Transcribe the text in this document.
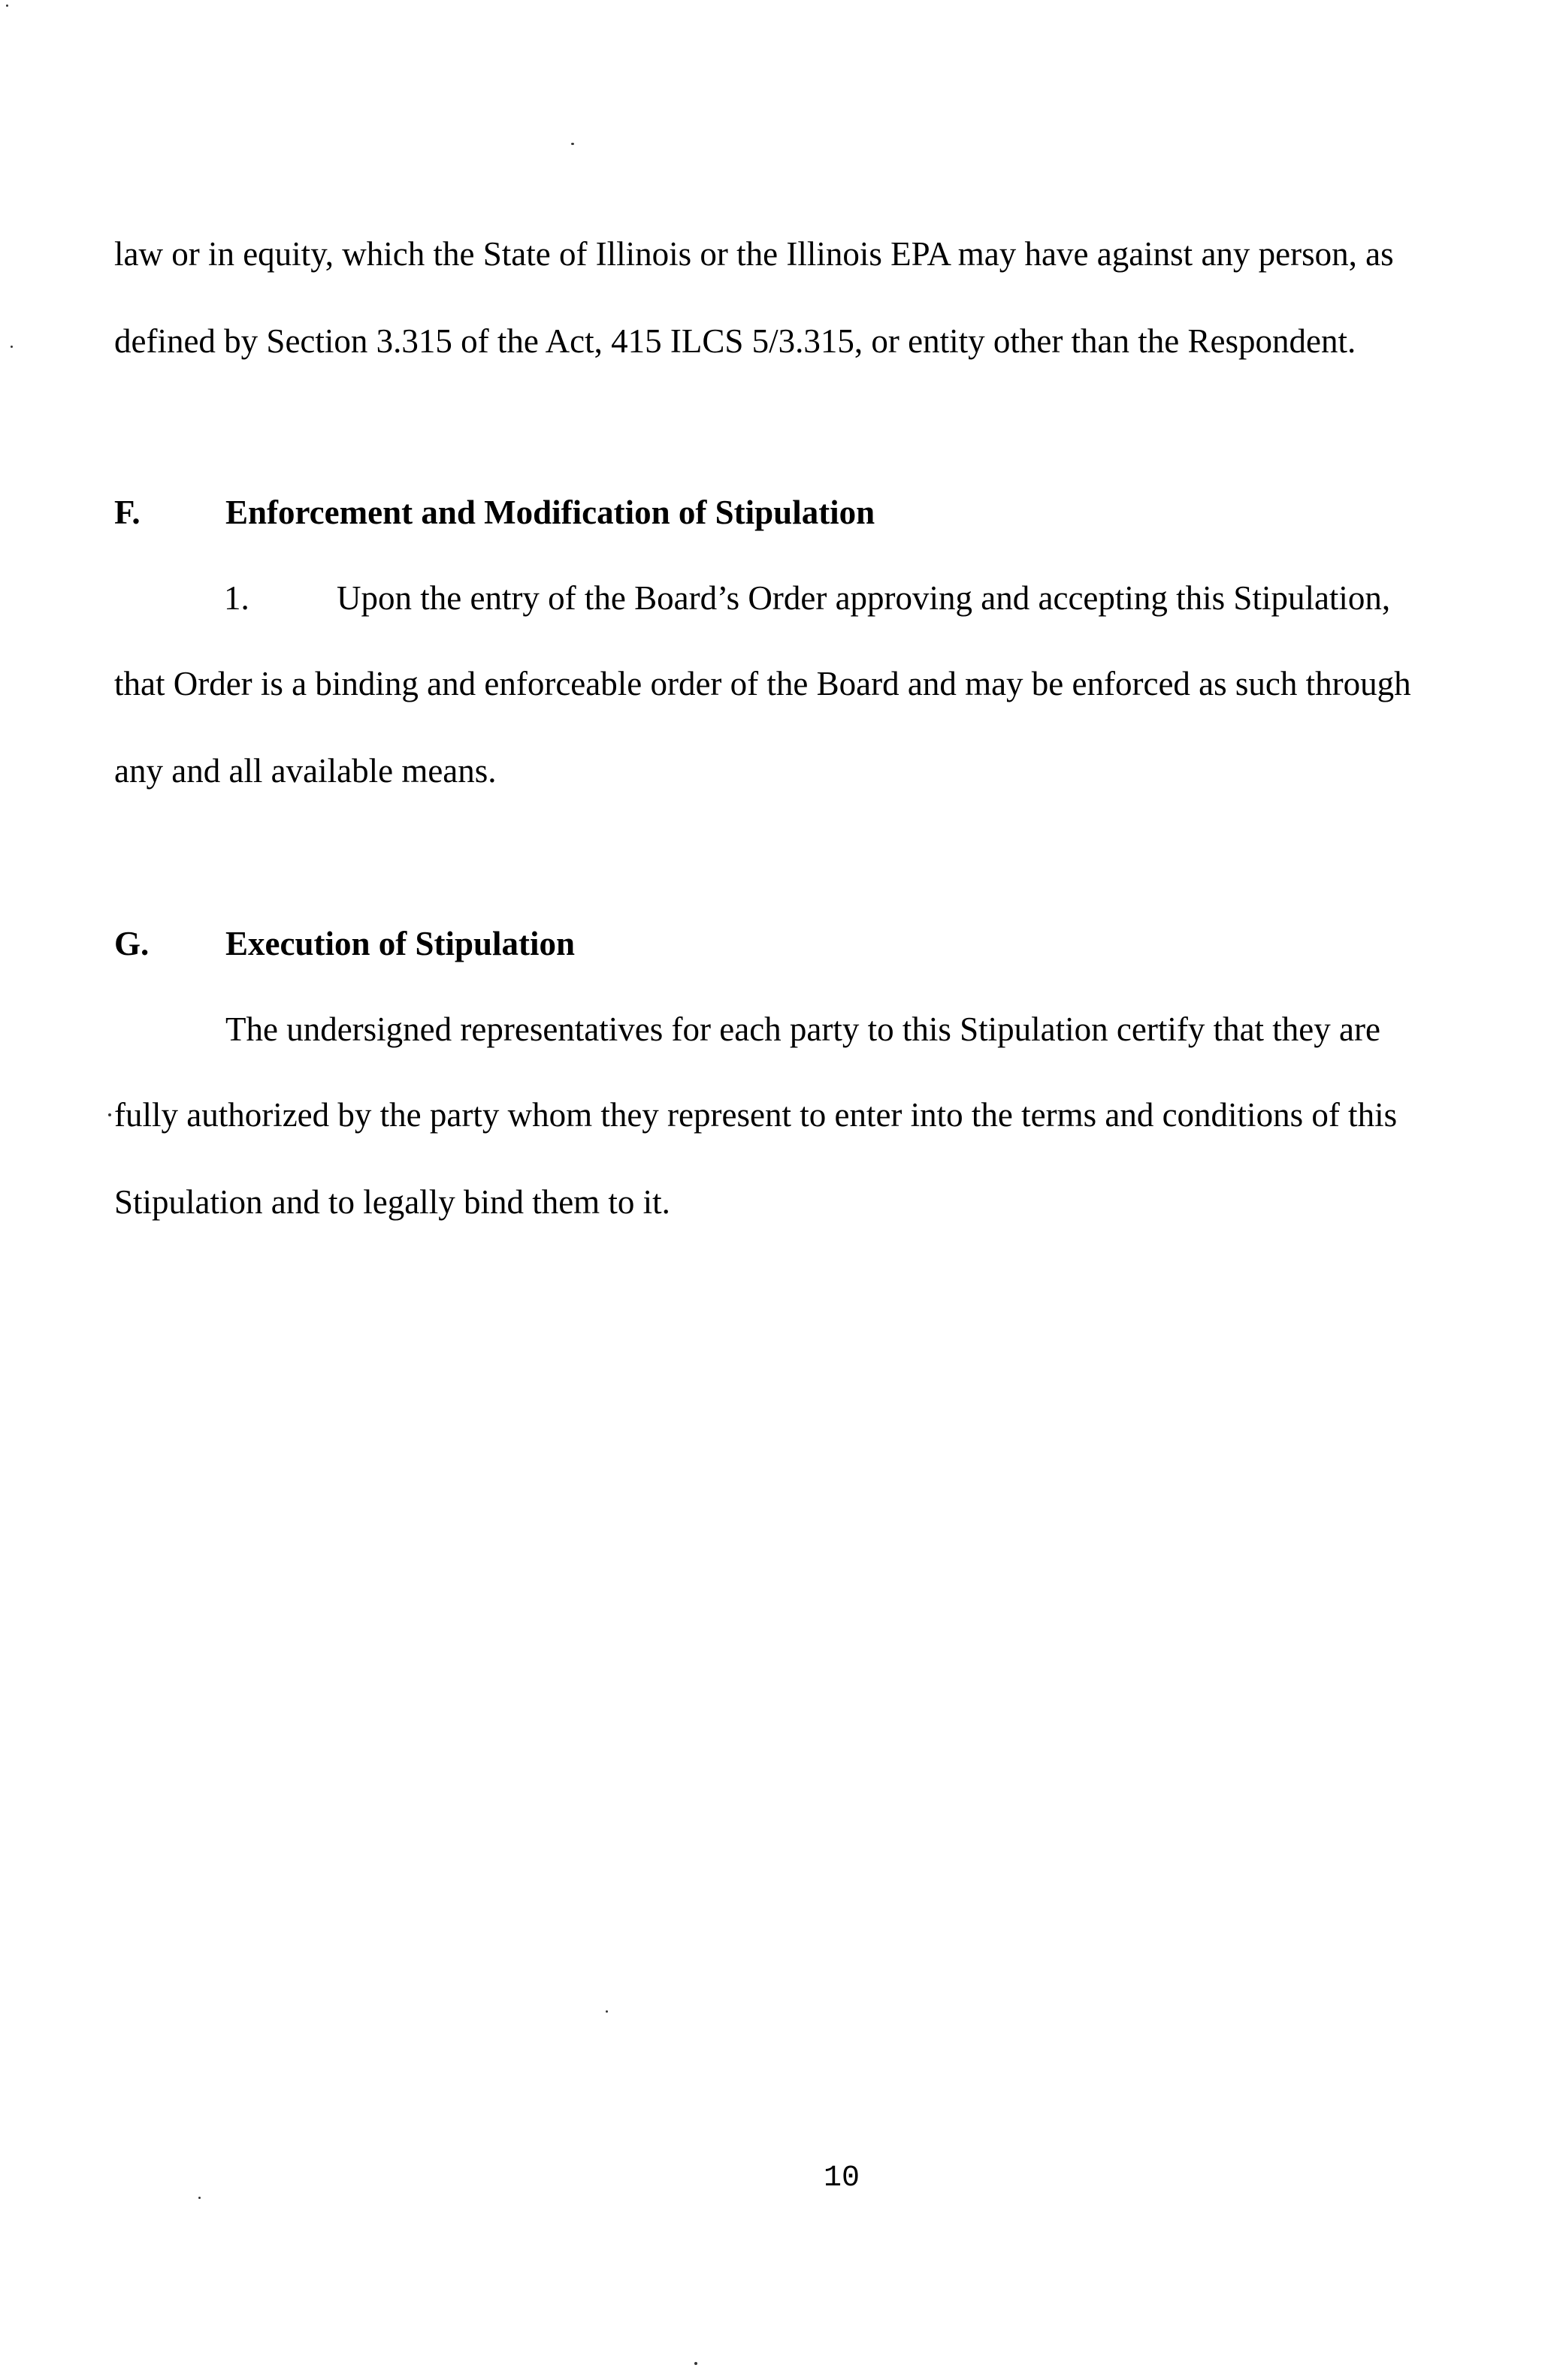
law or in equity, which the State of Illinois or the Illinois EPA may have against any person, as
defined by Section 3.315 of the Act, 415 ILCS 5/3.315, or entity other than the Respondent.
F.	Enforcement and Modification of Stipulation
1.	Upon the entry of the Board’s Order approving and accepting this Stipulation,
that Order is a binding and enforceable order of the Board and may be enforced as such through
any and all available means.
G. Execution of Stipulation
The undersigned representatives for each party to this Stipulation certify that they are
fully authorized by the party whom they represent to enter into the terms and conditions of this
Stipulation and to legally bind them to it.
10
